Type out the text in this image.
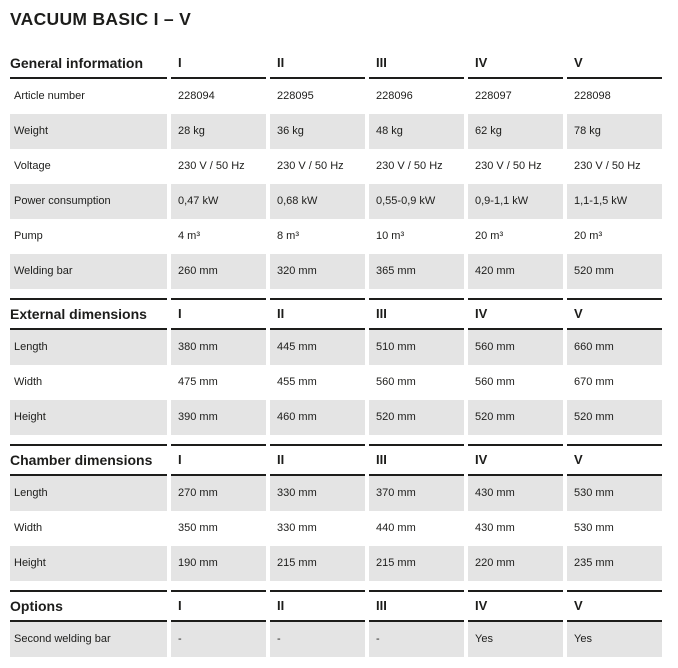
VACUUM BASIC I – V
General information	I	II	III	IV	V
Article number	228094	228095	228096	228097	228098
Weight	28 kg	36 kg	48 kg	62 kg	78 kg
Voltage	230 V / 50 Hz	230 V / 50 Hz	230 V / 50 Hz	230 V / 50 Hz	230 V / 50 Hz
Power consumption	0,47 kW	0,68 kW	0,55-0,9 kW	0,9-1,1 kW	1,1-1,5 kW
Pump	4 m³	8 m³	10 m³	20 m³	20 m³
Welding bar	260 mm	320 mm	365 mm	420 mm	520 mm
External dimensions	I	II	III	IV	V
Length	380 mm	445 mm	510 mm	560 mm	660 mm
Width	475 mm	455 mm	560 mm	560 mm	670 mm
Height	390 mm	460 mm	520 mm	520 mm	520 mm
Chamber dimensions	I	II	III	IV	V
Length	270 mm	330 mm	370 mm	430 mm	530 mm
Width	350 mm	330 mm	440 mm	430 mm	530 mm
Height	190 mm	215 mm	215 mm	220 mm	235 mm
Options	I	II	III	IV	V
Second welding bar	-	-	-	Yes	Yes
